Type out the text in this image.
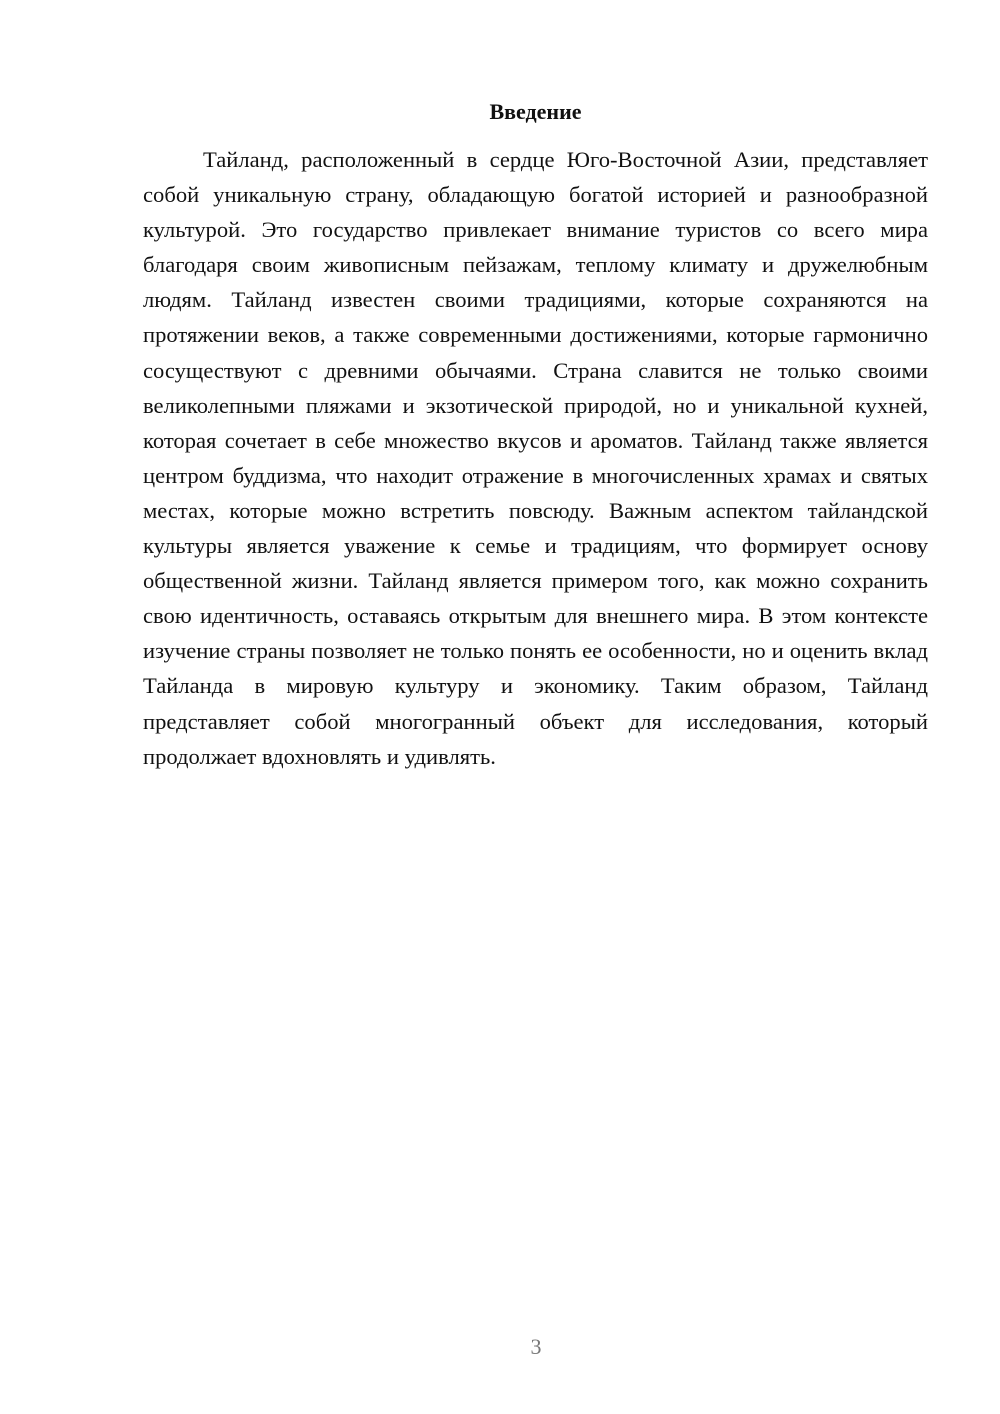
Введение

Тайланд, расположенный в сердце Юго-Восточной Азии, представляет собой уникальную страну, обладающую богатой историей и разнообразной культурой. Это государство привлекает внимание туристов со всего мира благодаря своим живописным пейзажам, теплому климату и дружелюбным людям. Тайланд известен своими традициями, которые сохраняются на протяжении веков, а также современными достижениями, которые гармонично сосуществуют с древними обычаями. Страна славится не только своими великолепными пляжами и экзотической природой, но и уникальной кухней, которая сочетает в себе множество вкусов и ароматов. Тайланд также является центром буддизма, что находит отражение в многочисленных храмах и святых местах, которые можно встретить повсюду. Важным аспектом тайландской культуры является уважение к семье и традициям, что формирует основу общественной жизни. Тайланд является примером того, как можно сохранить свою идентичность, оставаясь открытым для внешнего мира. В этом контексте изучение страны позволяет не только понять ее особенности, но и оценить вклад Тайланда в мировую культуру и экономику. Таким образом, Тайланд представляет собой многогранный объект для исследования, который продолжает вдохновлять и удивлять.

3
